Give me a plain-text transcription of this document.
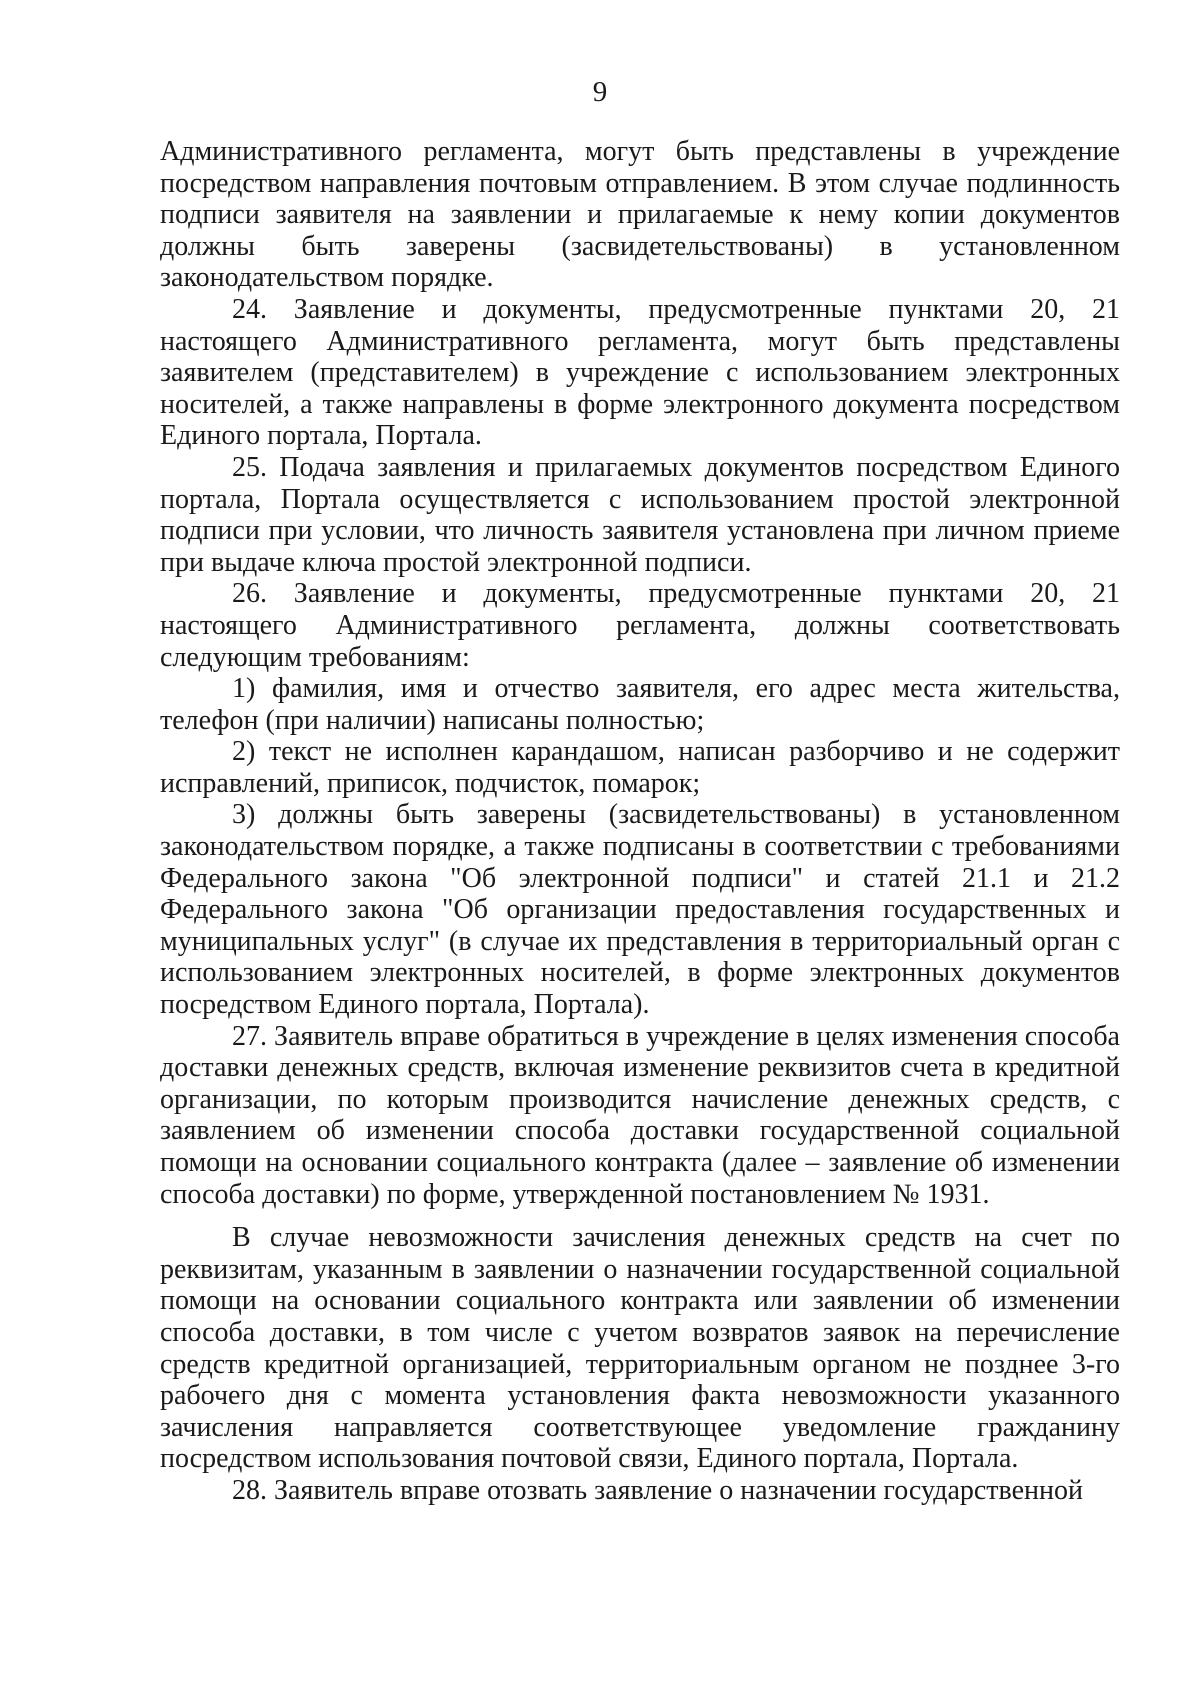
9

Административного регламента, могут быть представлены в учреждение посредством направления почтовым отправлением. В этом случае подлинность подписи заявителя на заявлении и прилагаемые к нему копии документов должны быть заверены (засвидетельствованы) в установленном законодательством порядке.

24. Заявление и документы, предусмотренные пунктами 20, 21 настоящего Административного регламента, могут быть представлены заявителем (представителем) в учреждение с использованием электронных носителей, а также направлены в форме электронного документа посредством Единого портала, Портала.

25. Подача заявления и прилагаемых документов посредством Единого портала, Портала осуществляется с использованием простой электронной подписи при условии, что личность заявителя установлена при личном приеме при выдаче ключа простой электронной подписи.

26. Заявление и документы, предусмотренные пунктами 20, 21 настоящего Административного регламента, должны соответствовать следующим требованиям:

1) фамилия, имя и отчество заявителя, его адрес места жительства, телефон (при наличии) написаны полностью;

2) текст не исполнен карандашом, написан разборчиво и не содержит исправлений, приписок, подчисток, помарок;

3) должны быть заверены (засвидетельствованы) в установленном законодательством порядке, а также подписаны в соответствии с требованиями Федерального закона "Об электронной подписи" и статей 21.1 и 21.2 Федерального закона "Об организации предоставления государственных и муниципальных услуг" (в случае их представления в территориальный орган с использованием электронных носителей, в форме электронных документов посредством Единого портала, Портала).

27. Заявитель вправе обратиться в учреждение в целях изменения способа доставки денежных средств, включая изменение реквизитов счета в кредитной организации, по которым производится начисление денежных средств, с заявлением об изменении способа доставки государственной социальной помощи на основании социального контракта (далее – заявление об изменении способа доставки) по форме, утвержденной постановлением № 1931.

В случае невозможности зачисления денежных средств на счет по реквизитам, указанным в заявлении о назначении государственной социальной помощи на основании социального контракта или заявлении об изменении способа доставки, в том числе с учетом возвратов заявок на перечисление средств кредитной организацией, территориальным органом не позднее 3-го рабочего дня с момента установления факта невозможности указанного зачисления направляется соответствующее уведомление гражданину посредством использования почтовой связи, Единого портала, Портала.

28. Заявитель вправе отозвать заявление о назначении государственной
